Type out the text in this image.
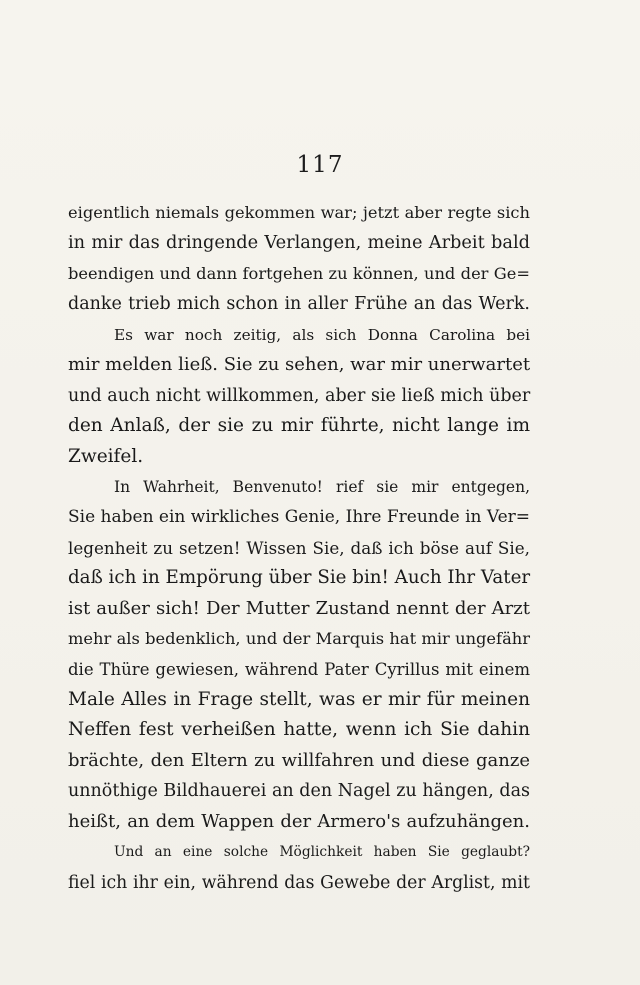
117
eigentlich niemals gekommen war; jetzt aber regte sich
in mir das dringende Verlangen, meine Arbeit bald
beendigen und dann fortgehen zu können, und der Ge=
danke trieb mich schon in aller Frühe an das Werk.
Es war noch zeitig, als sich Donna Carolina bei
mir melden ließ. Sie zu sehen, war mir unerwartet
und auch nicht willkommen, aber sie ließ mich über
den Anlaß, der sie zu mir führte, nicht lange im
Zweifel.
In Wahrheit, Benvenuto! rief sie mir entgegen,
Sie haben ein wirkliches Genie, Ihre Freunde in Ver=
legenheit zu setzen! Wissen Sie, daß ich böse auf Sie,
daß ich in Empörung über Sie bin! Auch Ihr Vater
ist außer sich! Der Mutter Zustand nennt der Arzt
mehr als bedenklich, und der Marquis hat mir ungefähr
die Thüre gewiesen, während Pater Cyrillus mit einem
Male Alles in Frage stellt, was er mir für meinen
Neffen fest verheißen hatte, wenn ich Sie dahin
brächte, den Eltern zu willfahren und diese ganze
unnöthige Bildhauerei an den Nagel zu hängen, das
heißt, an dem Wappen der Armero's aufzuhängen.
Und an eine solche Möglichkeit haben Sie geglaubt?
fiel ich ihr ein, während das Gewebe der Arglist, mit
